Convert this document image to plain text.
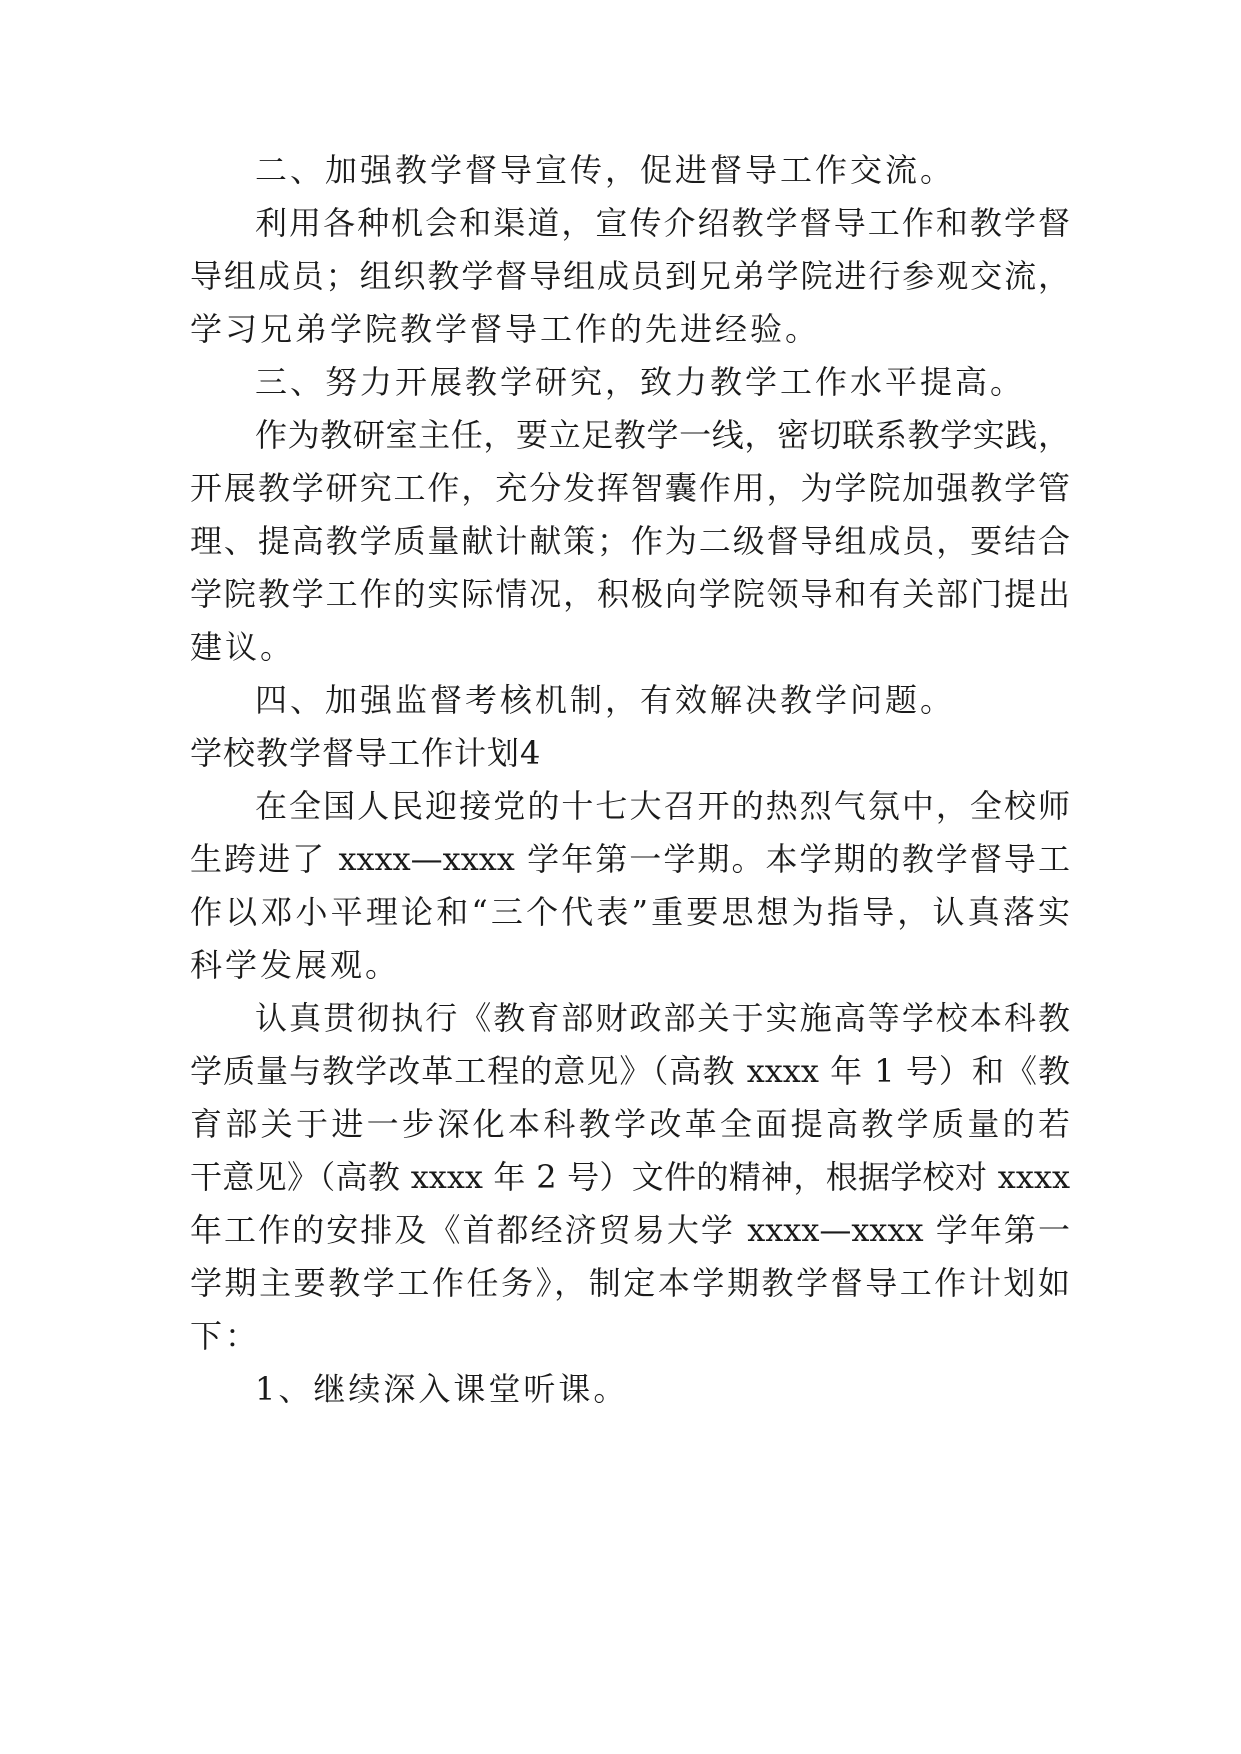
二、加强教学督导宣传，促进督导工作交流。
利用各种机会和渠道，宣传介绍教学督导工作和教学督
导组成员；组织教学督导组成员到兄弟学院进行参观交流，
学习兄弟学院教学督导工作的先进经验。
三、努力开展教学研究，致力教学工作水平提高。
作为教研室主任，要立足教学一线，密切联系教学实践，
开展教学研究工作，充分发挥智囊作用，为学院加强教学管
理、提高教学质量献计献策；作为二级督导组成员，要结合
学院教学工作的实际情况，积极向学院领导和有关部门提出
建议。
四、加强监督考核机制，有效解决教学问题。
学校教学督导工作计划4
在全国人民迎接党的十七大召开的热烈气氛中，全校师
生跨进了 xxxx—xxxx 学年第一学期。本学期的教学督导工
作以邓小平理论和“三个代表”重要思想为指导，认真落实
科学发展观。
认真贯彻执行《教育部财政部关于实施高等学校本科教
学质量与教学改革工程的意见》（高教 xxxx 年 1 号）和《教
育部关于进一步深化本科教学改革全面提高教学质量的若
干意见》（高教 xxxx 年 2 号）文件的精神，根据学校对 xxxx
年工作的安排及《首都经济贸易大学 xxxx—xxxx 学年第一
学期主要教学工作任务》，制定本学期教学督导工作计划如
下：
1、继续深入课堂听课。
